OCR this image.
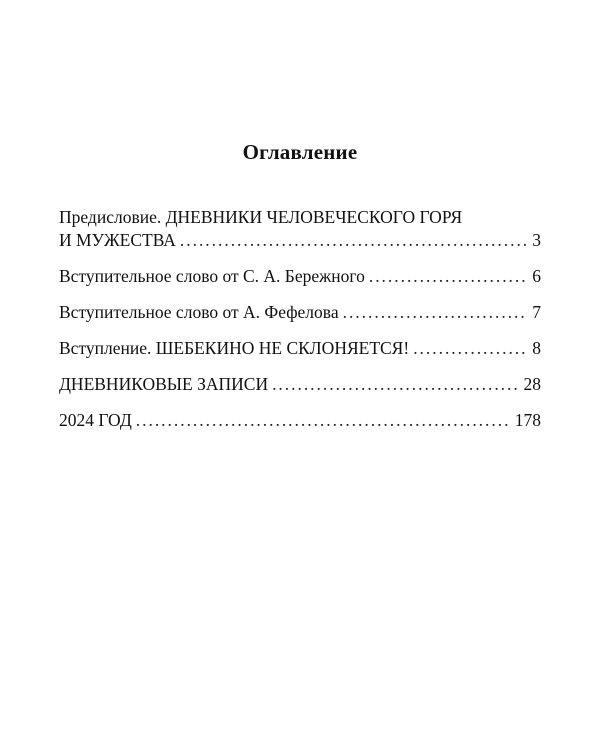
Оглавление
Предисловие. ДНЕВНИКИ ЧЕЛОВЕЧЕСКОГО ГОРЯ
И МУЖЕСТВА . . .	3
Вступительное слово от С. А. Бережного . . .	6
Вступительное слово от А. Фефелова . . .	7
Вступление. ШЕБЕКИНО НЕ СКЛОНЯЕТСЯ! . . .	8
ДНЕВНИКОВЫЕ ЗАПИСИ . . .	28
2024 ГОД . . .	178
